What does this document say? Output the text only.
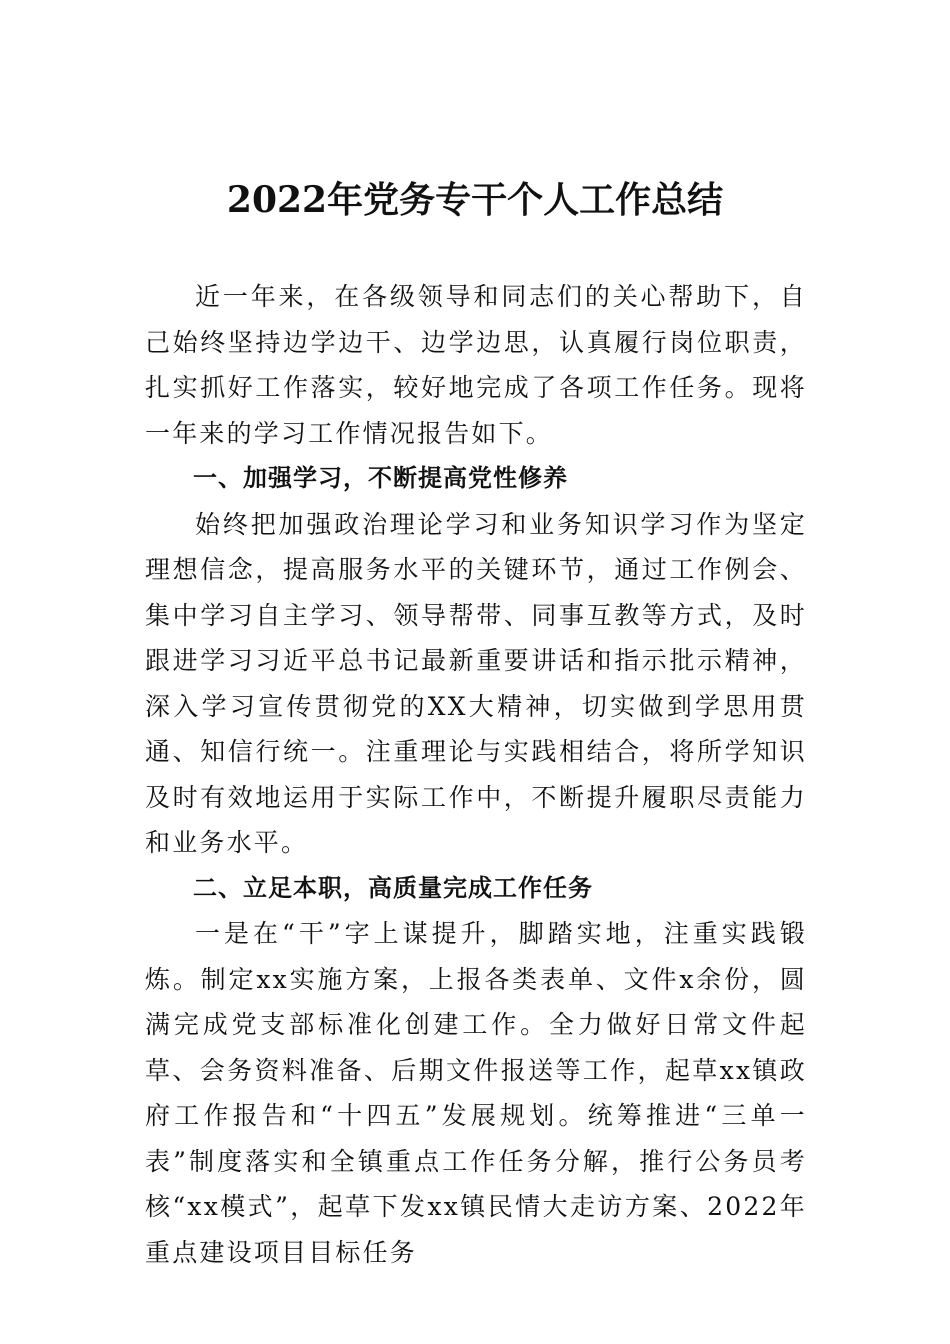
2022年党务专干个人工作总结

近一年来，在各级领导和同志们的关心帮助下，自己始终坚持边学边干、边学边思，认真履行岗位职责，扎实抓好工作落实，较好地完成了各项工作任务。现将一年来的学习工作情况报告如下。

一、加强学习，不断提高党性修养

始终把加强政治理论学习和业务知识学习作为坚定理想信念，提高服务水平的关键环节，通过工作例会、集中学习自主学习、领导帮带、同事互教等方式，及时跟进学习习近平总书记最新重要讲话和指示批示精神，深入学习宣传贯彻党的XX大精神，切实做到学思用贯通、知信行统一。注重理论与实践相结合，将所学知识及时有效地运用于实际工作中，不断提升履职尽责能力和业务水平。

二、立足本职，高质量完成工作任务

一是在“干”字上谋提升，脚踏实地，注重实践锻炼。制定xx实施方案，上报各类表单、文件x余份，圆满完成党支部标准化创建工作。全力做好日常文件起草、会务资料准备、后期文件报送等工作，起草xx镇政府工作报告和“十四五”发展规划。统筹推进“三单一表”制度落实和全镇重点工作任务分解，推行公务员考核“xx模式”，起草下发xx镇民情大走访方案、2022年重点建设项目目标任务
